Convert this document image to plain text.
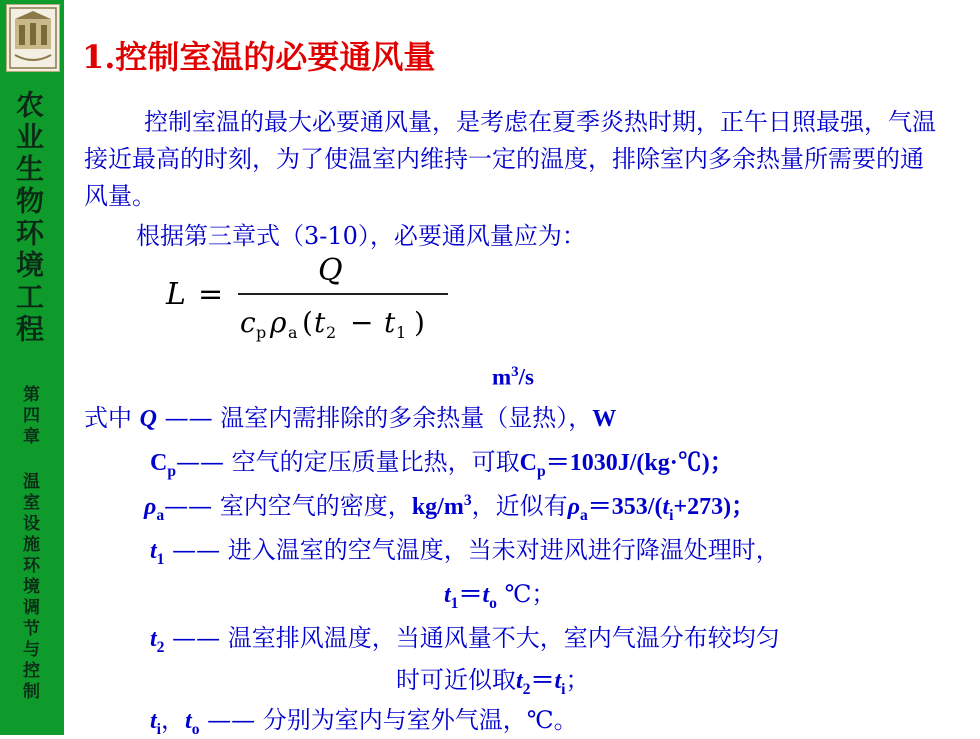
农业生物环境工程
第四章 温室设施环境调节与控制
1.控制室温的必要通风量
控制室温的最大必要通风量，是考虑在夏季炎热时期，正午日照最强，气温接近最高的时刻，为了使温室内维持一定的温度，排除室内多余热量所需要的通风量。
根据第三章式（3-10），必要通风量应为：
L =
Q
c p ρ a ( t 2 − t 1 )
$m^3/s$
式中 Q —— 温室内需排除的多余热量（显热），W
$C_p——$ 空气的定压质量比热，可取$C_p=1030J/(kg\cdot℃)$；
$\rho_a——$ 室内空气的密度，$kg/m^3$，近似有$\rho_a=353/(t_i+273)$；
$t_1$ —— 进入温室的空气温度，当未对进风进行降温处理时，
$t_1=t_o$ ℃；
$t_2$ —— 温室排风温度，当通风量不大，室内气温分布较均匀
时可近似取$t_2=t_i$；
$t_i$，$t_o$ —— 分别为室内与室外气温，℃。
